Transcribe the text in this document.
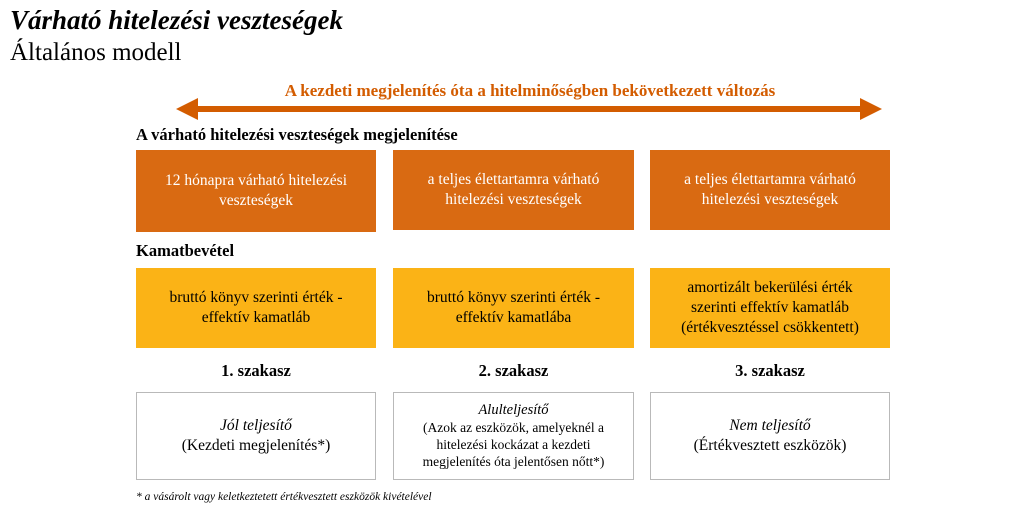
Várható hitelezési veszteségek
Általános modell
A kezdeti megjelenítés óta a hitelminőségben bekövetkezett változás
A várható hitelezési veszteségek megjelenítése
12 hónapra várható hitelezési
veszteségek
a teljes élettartamra várható
hitelezési veszteségek
a teljes élettartamra várható
hitelezési veszteségek
Kamatbevétel
bruttó könyv szerinti érték -
effektív kamatláb
bruttó könyv szerinti érték -
effektív kamatlába
amortizált bekerülési érték
szerinti effektív kamatláb
(értékvesztéssel csökkentett)
1. szakasz	2. szakasz	3. szakasz
Jól teljesítő
(Kezdeti megjelenítés*)
Alulteljesítő
(Azok az eszközök, amelyeknél a
hitelezési kockázat a kezdeti
megjelenítés óta jelentősen nőtt*)
Nem teljesítő
(Értékvesztett eszközök)
* a vásárolt vagy keletkeztetett értékvesztett eszközök kivételével
